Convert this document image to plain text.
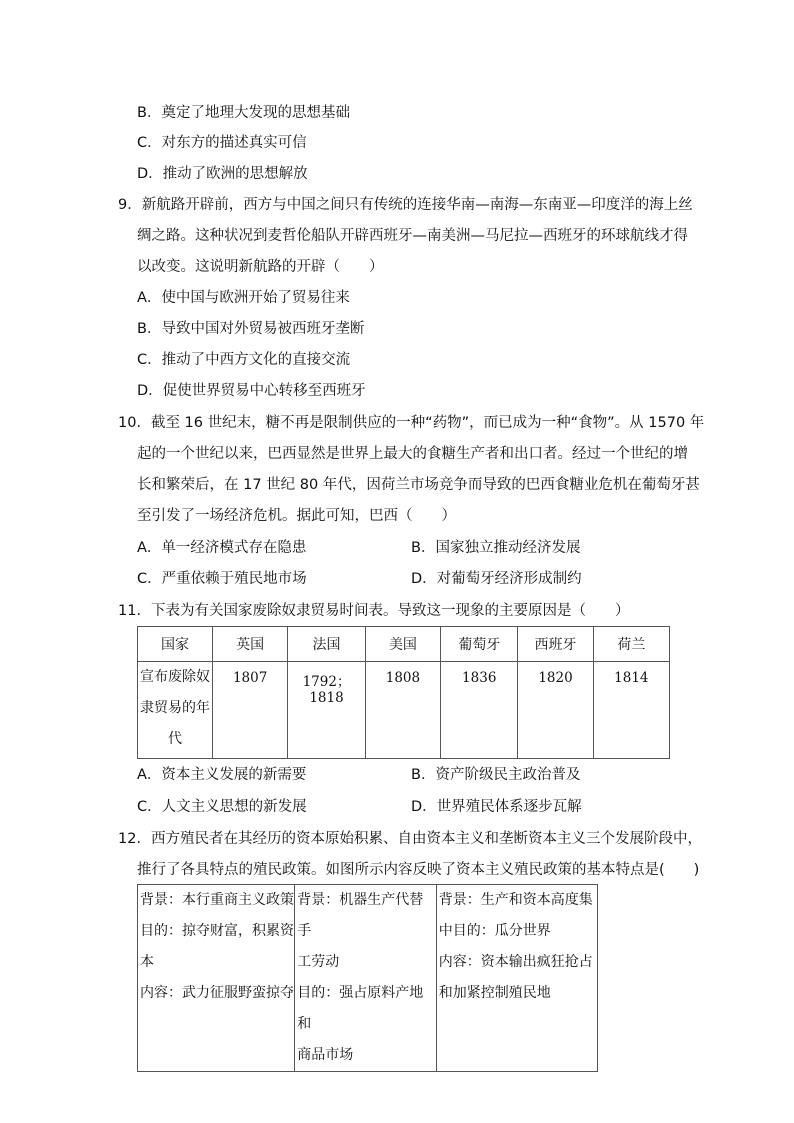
B．奠定了地理大发现的思想基础
C．对东方的描述真实可信
D．推动了欧洲的思想解放
9．新航路开辟前，西方与中国之间只有传统的连接华南—南海—东南亚—印度洋的海上丝
绸之路。这种状况到麦哲伦船队开辟西班牙—南美洲—马尼拉—西班牙的环球航线才得
以改变。这说明新航路的开辟（　　）
A．使中国与欧洲开始了贸易往来
B．导致中国对外贸易被西班牙垄断
C．推动了中西方文化的直接交流
D．促使世界贸易中心转移至西班牙
10．截至 16 世纪末，糖不再是限制供应的一种“药物”，而已成为一种“食物”。从 1570 年
起的一个世纪以来，巴西显然是世界上最大的食糖生产者和出口者。经过一个世纪的增
长和繁荣后，在 17 世纪 80 年代，因荷兰市场竞争而导致的巴西食糖业危机在葡萄牙甚
至引发了一场经济危机。据此可知，巴西（　　）
A．单一经济模式存在隐患	B．国家独立推动经济发展
C．严重依赖于殖民地市场	D．对葡萄牙经济形成制约
11．下表为有关国家废除奴隶贸易时间表。导致这一现象的主要原因是（　　）
国家	英国	法国	美国	葡萄牙	西班牙	荷兰

宣布废除奴
隶贸易的年
代	1807	1792；1818	1808	1836	1820	1814
A．资本主义发展的新需要	B．资产阶级民主政治普及
C．人文主义思想的新发展	D．世界殖民体系逐步瓦解
12．西方殖民者在其经历的资本原始积累、自由资本主义和垄断资本主义三个发展阶段中，
推行了各具特点的殖民政策。如图所示内容反映了资本主义殖民政策的基本特点是(　　)
背景：本行重商主义政策
目的：掠夺财富，积累资
本
内容：武力征服野蛮掠夺

背景：机器生产代替手
工劳动
目的：强占原料产地和
商品市场

背景：生产和资本高度集
中目的：瓜分世界
内容：资本输出疯狂抢占
和加紧控制殖民地
